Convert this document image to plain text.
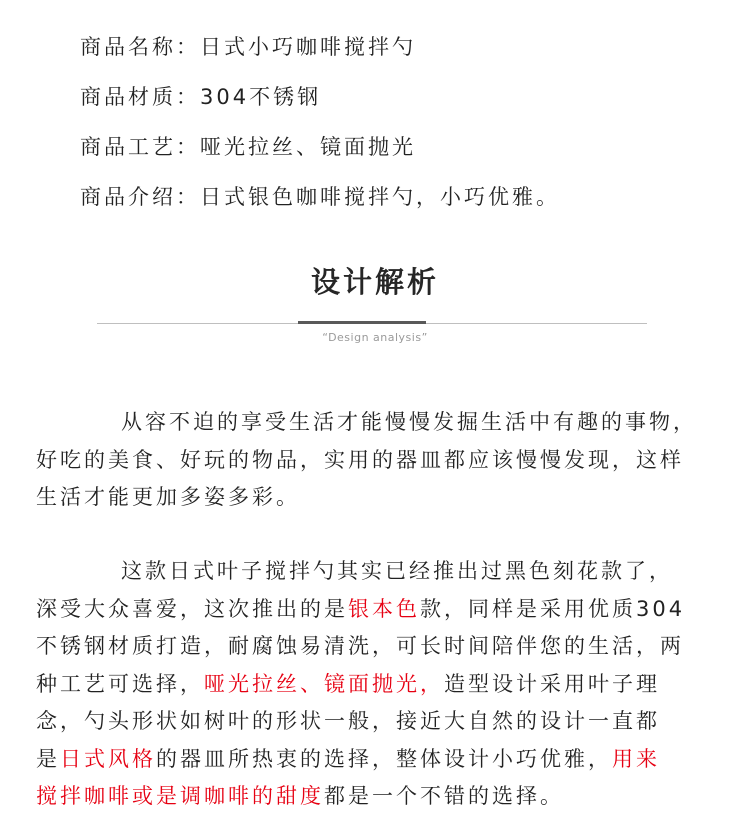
商品名称：日式小巧咖啡搅拌勺
商品材质：304不锈钢
商品工艺：哑光拉丝、镜面抛光
商品介绍：日式银色咖啡搅拌勺，小巧优雅。
设计解析
“Design analysis”
从容不迫的享受生活才能慢慢发掘生活中有趣的事物，
好吃的美食、好玩的物品，实用的器皿都应该慢慢发现，这样
生活才能更加多姿多彩。
这款日式叶子搅拌勺其实已经推出过黑色刻花款了，
深受大众喜爱，这次推出的是银本色款，同样是采用优质304
不锈钢材质打造，耐腐蚀易清洗，可长时间陪伴您的生活，两
种工艺可选择，哑光拉丝、镜面抛光，造型设计采用叶子理
念，勺头形状如树叶的形状一般，接近大自然的设计一直都
是日式风格的器皿所热衷的选择，整体设计小巧优雅，用来
搅拌咖啡或是调咖啡的甜度都是一个不错的选择。
